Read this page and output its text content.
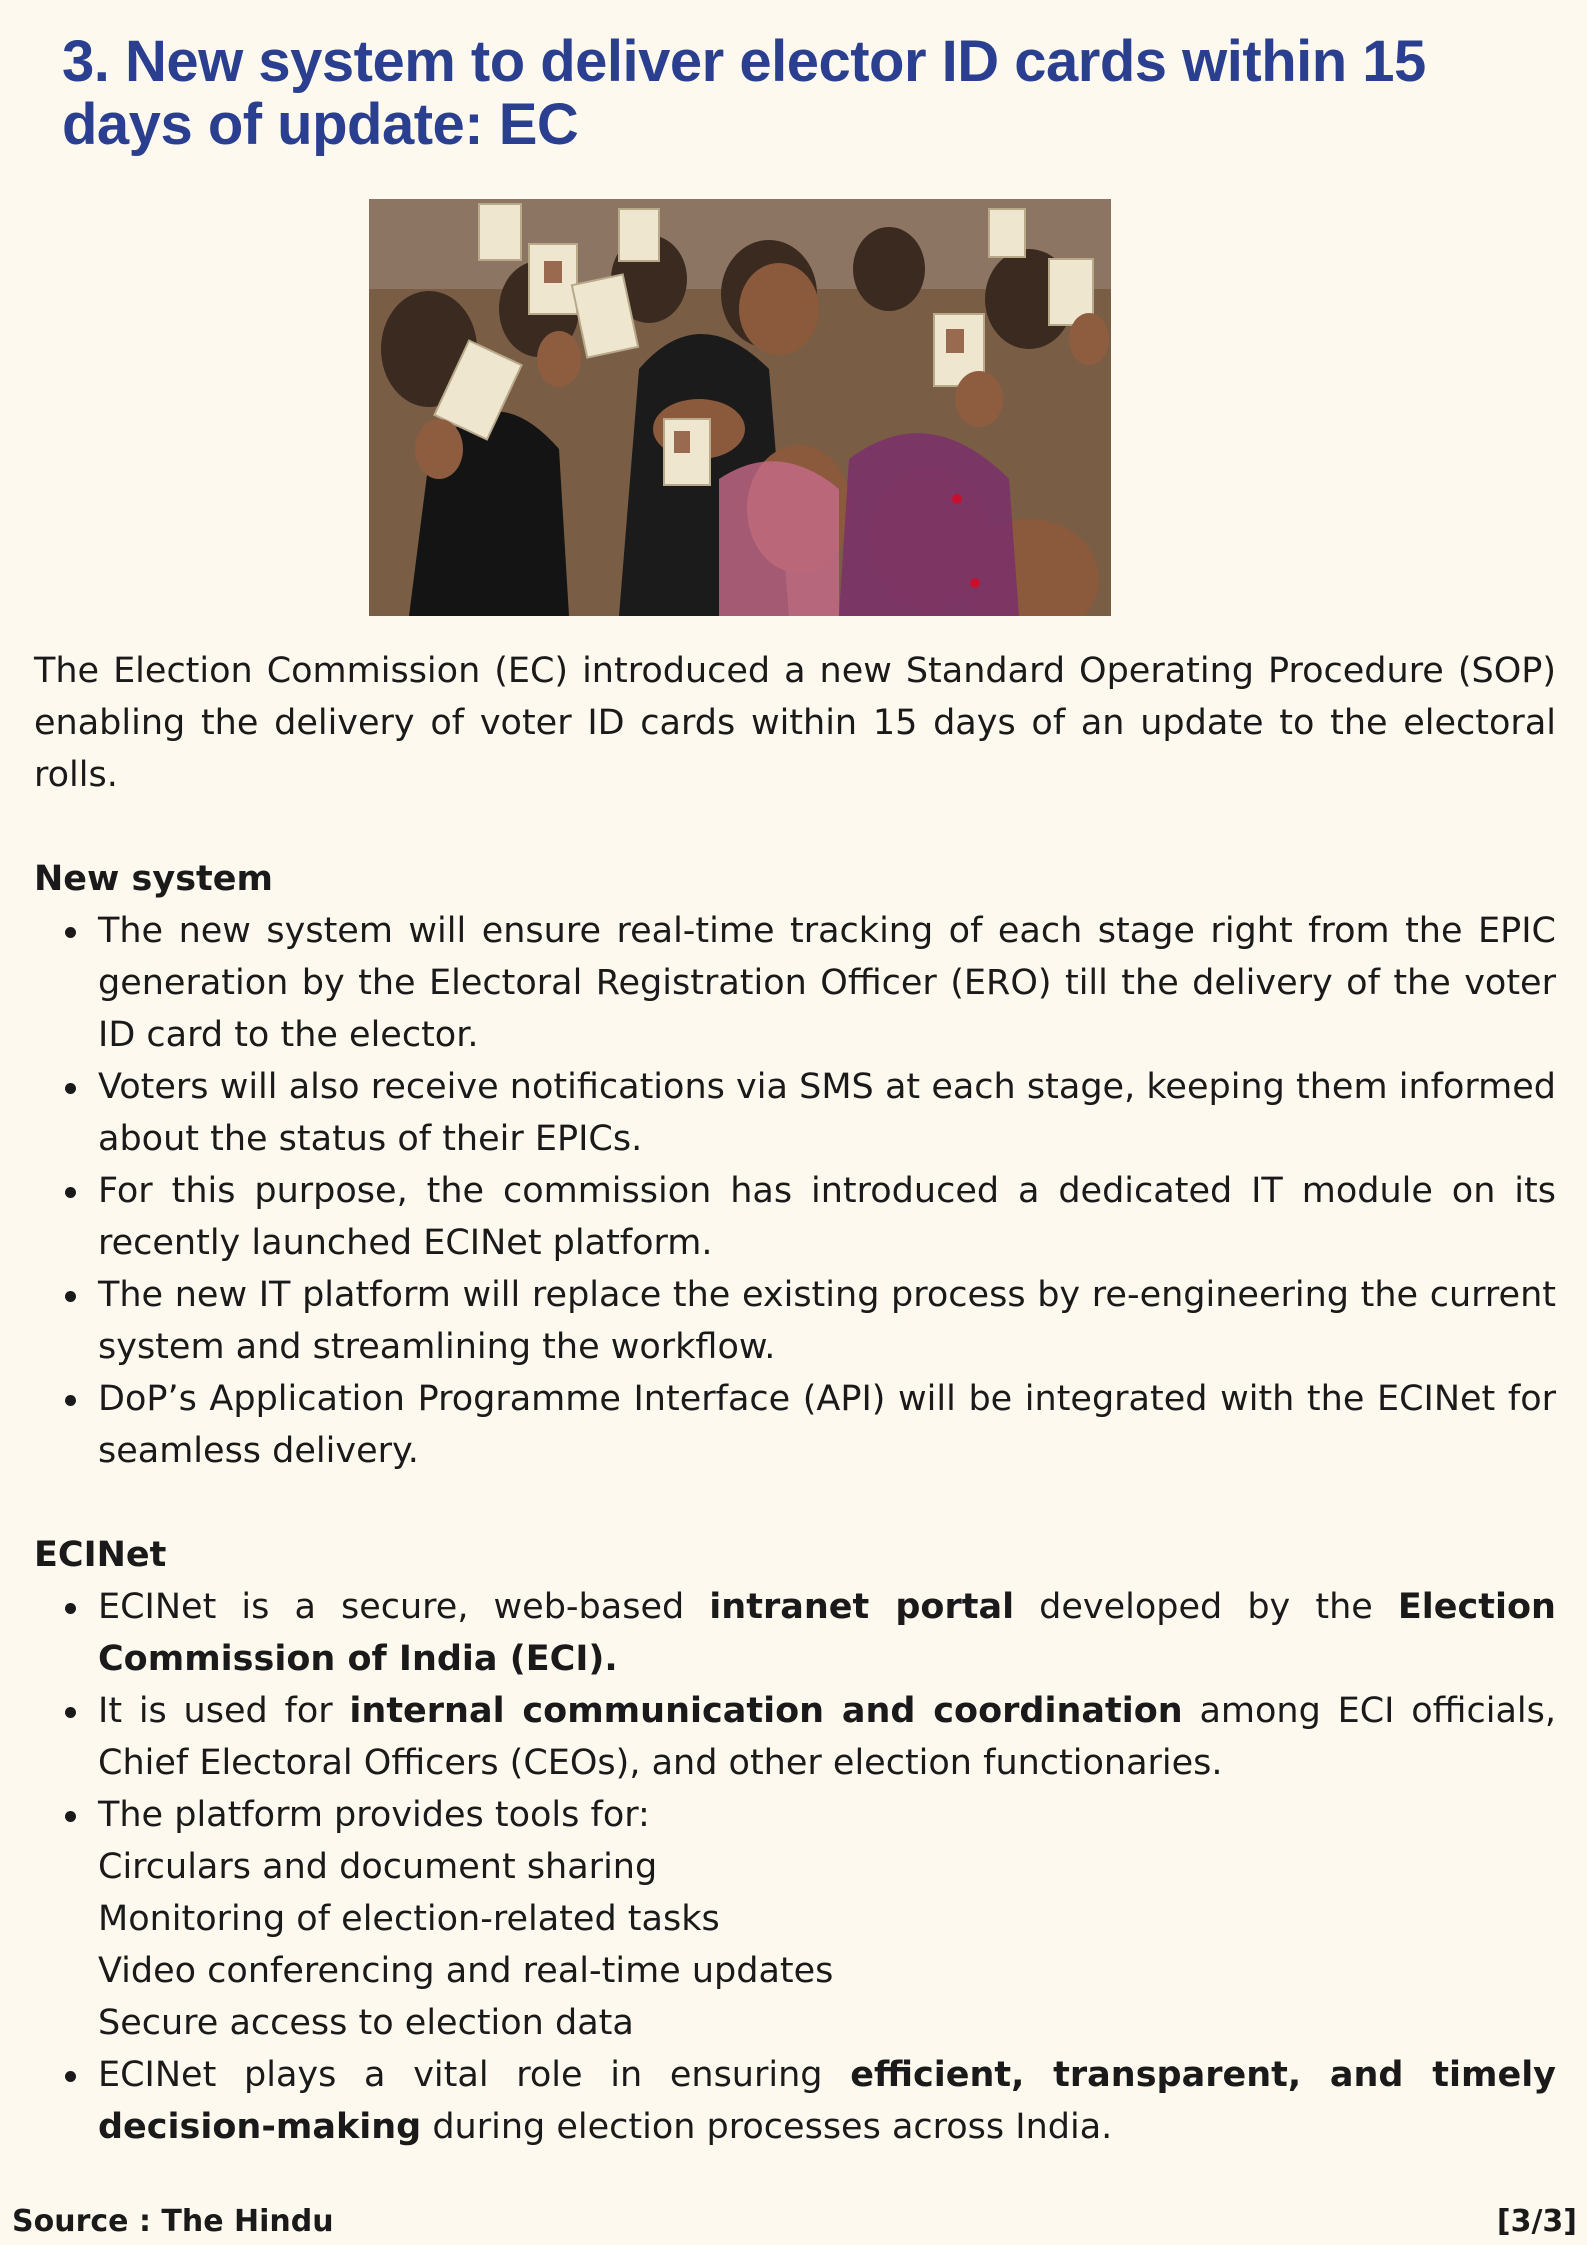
3. New system to deliver elector ID cards within 15 days of update: EC

The Election Commission (EC) introduced a new Standard Operating Procedure (SOP) enabling the delivery of voter ID cards within 15 days of an update to the electoral rolls.

New system
The new system will ensure real-time tracking of each stage right from the EPIC generation by the Electoral Registration Officer (ERO) till the delivery of the voter ID card to the elector.
Voters will also receive notifications via SMS at each stage, keeping them informed about the status of their EPICs.
For this purpose, the commission has introduced a dedicated IT module on its recently launched ECINet platform.
The new IT platform will replace the existing process by re-engineering the current system and streamlining the workflow.
DoP’s Application Programme Interface (API) will be integrated with the ECINet for seamless delivery.
ECINet
ECINet is a secure, web-based intranet portal developed by the Election Commission of India (ECI).
It is used for internal communication and coordination among ECI officials, Chief Electoral Officers (CEOs), and other election functionaries.
The platform provides tools for:
Circulars and document sharing
Monitoring of election-related tasks
Video conferencing and real-time updates
Secure access to election data
ECINet plays a vital role in ensuring efficient, transparent, and timely decision-making during election processes across India.
Source : The Hindu	[3/3]
